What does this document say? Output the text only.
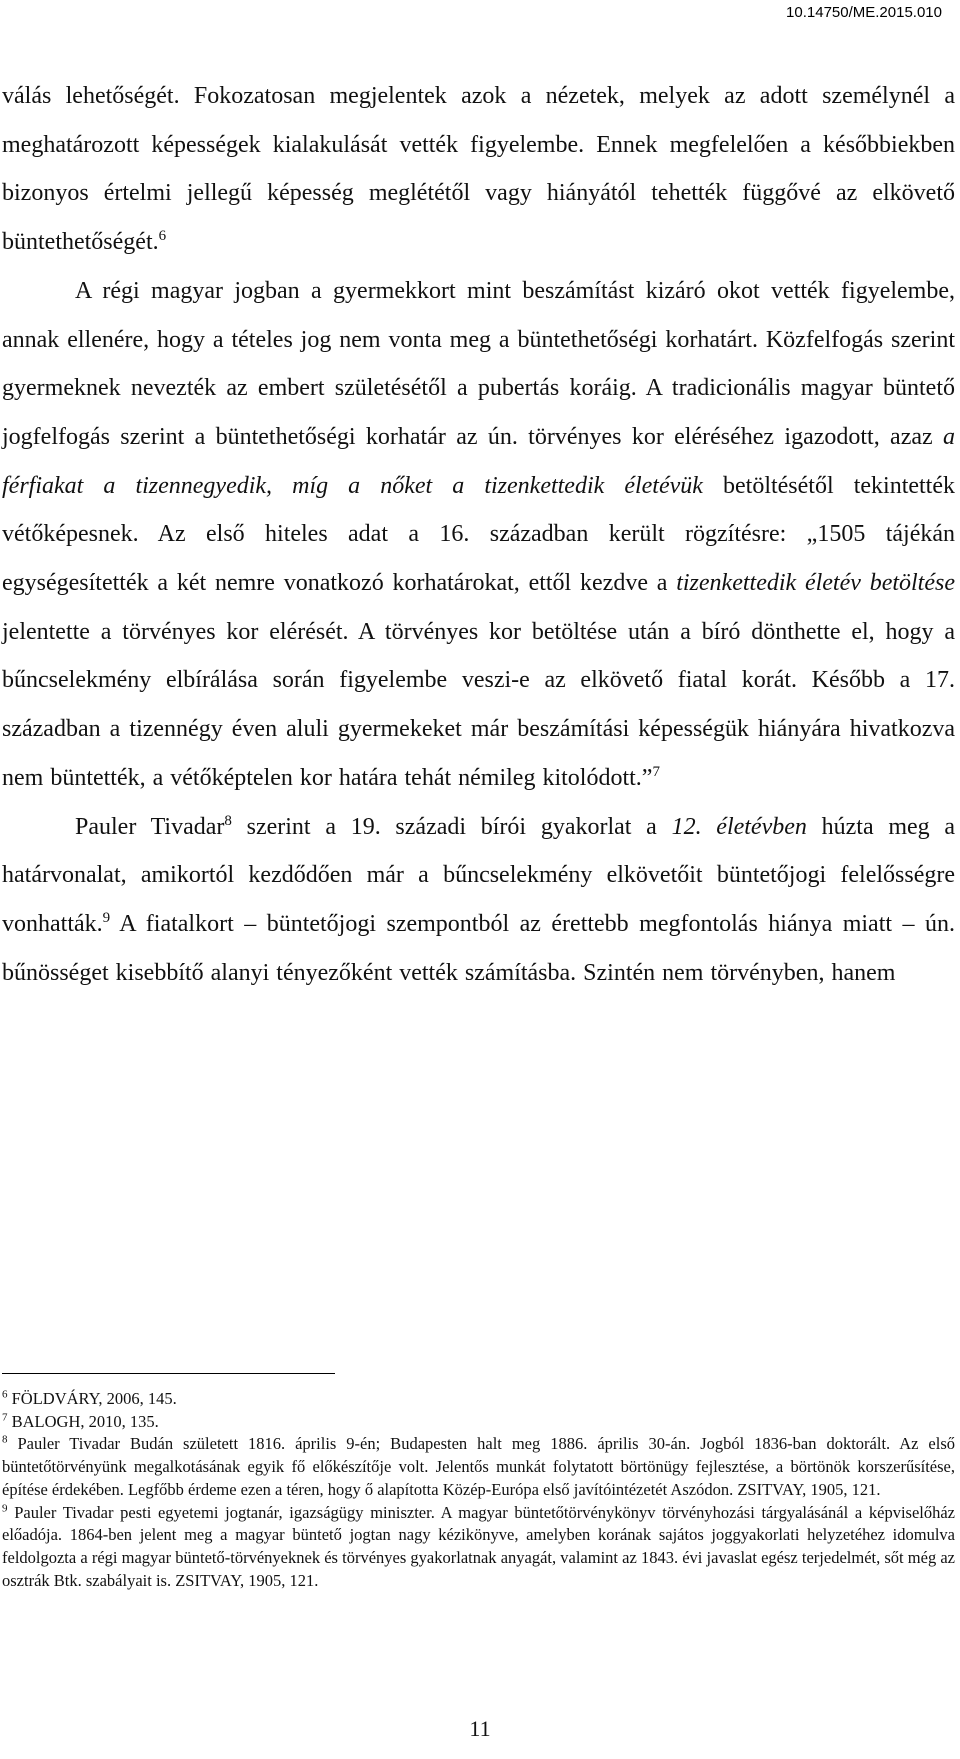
10.14750/ME.2015.010

válás lehetőségét. Fokozatosan megjelentek azok a nézetek, melyek az adott személynél a meghatározott képességek kialakulását vették figyelembe. Ennek megfelelően a későbbiekben bizonyos értelmi jellegű képesség meglététől vagy hiányától tehették függővé az elkövető büntethetőségét.$^6$

A régi magyar jogban a gyermekkort mint beszámítást kizáró okot vették figyelembe, annak ellenére, hogy a tételes jog nem vonta meg a büntethetőségi korhatárt. Közfelfogás szerint gyermeknek nevezték az embert születésétől a pubertás koráig. A tradicionális magyar büntető jogfelfogás szerint a büntethetőségi korhatár az ún. törvényes kor eléréséhez igazodott, azaz a férfiakat a tizennegyedik, míg a nőket a tizenkettedik életévük betöltésétől tekintették vétőképesnek. Az első hiteles adat a 16. században került rögzítésre: „1505 tájékán egységesítették a két nemre vonatkozó korhatárokat, ettől kezdve a tizenkettedik életév betöltése jelentette a törvényes kor elérését. A törvényes kor betöltése után a bíró dönthette el, hogy a bűncselekmény elbírálása során figyelembe veszi-e az elkövető fiatal korát. Később a 17. században a tizennégy éven aluli gyermekeket már beszámítási képességük hiányára hivatkozva nem büntették, a vétőképtelen kor határa tehát némileg kitolódott.”$^7$

Pauler Tivadar$^8$ szerint a 19. századi bírói gyakorlat a 12. életévben húzta meg a határvonalat, amikortól kezdődően már a bűncselekmény elkövetőit büntetőjogi felelősségre vonhatták.$^9$ A fiatalkort – büntetőjogi szempontból az érettebb megfontolás hiánya miatt – ún. bűnösséget kisebbítő alanyi tényezőként vették számításba. Szintén nem törvényben, hanem

$^6$ FÖLDVÁRY, 2006, 145.

$^7$ BALOGH, 2010, 135.

$^8$ Pauler Tivadar Budán született 1816. április 9-én; Budapesten halt meg 1886. április 30-án. Jogból 1836-ban doktorált. Az első büntetőtörvényünk megalkotásának egyik fő előkészítője volt. Jelentős munkát folytatott börtönügy fejlesztése, a börtönök korszerűsítése, építése érdekében. Legfőbb érdeme ezen a téren, hogy ő alapította Közép-Európa első javítóintézetét Aszódon. ZSITVAY, 1905, 121.

$^9$ Pauler Tivadar pesti egyetemi jogtanár, igazságügy miniszter. A magyar büntetőtörvénykönyv törvényhozási tárgyalásánál a képviselőház előadója. 1864-ben jelent meg a magyar büntető jogtan nagy kézikönyve, amelyben korának sajátos joggyakorlati helyzetéhez idomulva feldolgozta a régi magyar büntető-törvényeknek és törvényes gyakorlatnak anyagát, valamint az 1843. évi javaslat egész terjedelmét, sőt még az osztrák Btk. szabályait is. ZSITVAY, 1905, 121.

11
